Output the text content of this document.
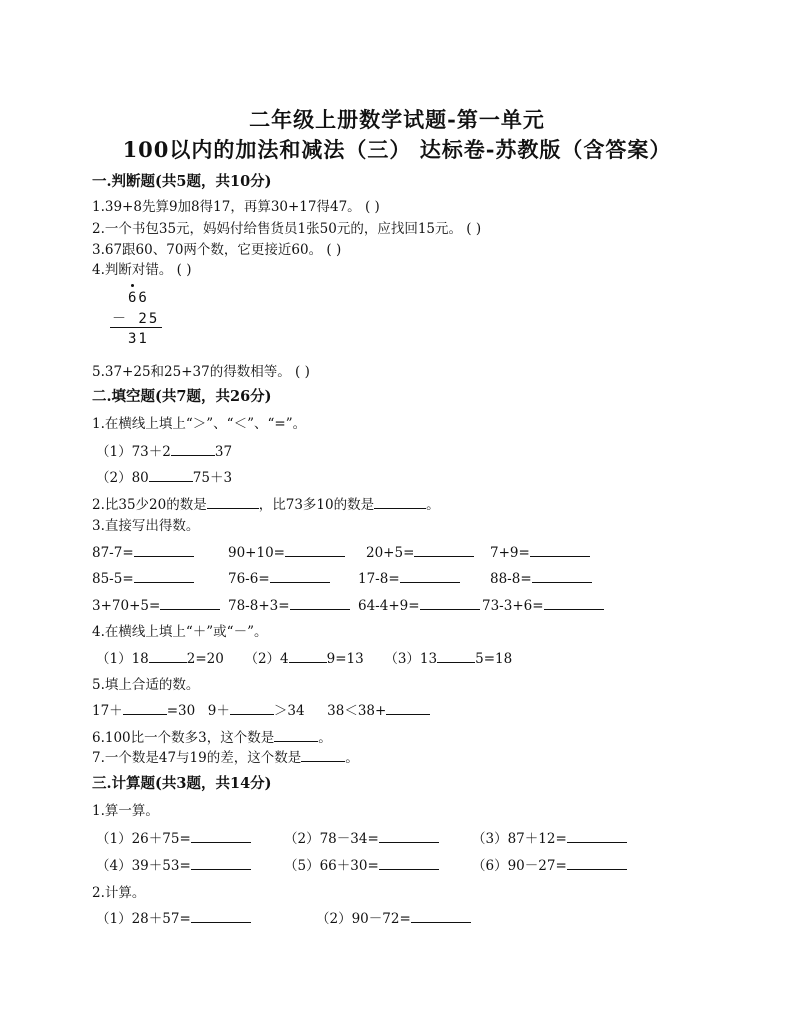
二年级上册数学试题-第一单元
100以内的加法和减法（三） 达标卷-苏教版（含答案）
一.判断题(共5题，共10分)
1.39+8先算9加8得17，再算30+17得47。 ( )
2.一个书包35元，妈妈付给售货员1张50元的，应找回15元。 ( )
3.67跟60、70两个数，它更接近60。 ( )
4.判断对错。 ( )
66
－ 25
31
5.37+25和25+37的得数相等。 ( )
二.填空题(共7题，共26分)
1.在横线上填上“＞”、“＜”、“=”。
（1）73＋2	37
（2）80	75＋3
2.比35少20的数是	，比73多10的数是	。
3.直接写出得数。
87-7=	90+10=	20+5=	7+9=
85-5=	76-6=	17-8=	88-8=
3+70+5=	78-8+3=	64-4+9=	73-3+6=
4.在横线上填上“＋”或“－”。
（1）18	2=20 （2）4	9=13 （3）13	5=18
5.填上合适的数。
17＋	=30 9＋	＞34 38＜38+
6.100比一个数多3，这个数是	。
7.一个数是47与19的差，这个数是	。
三.计算题(共3题，共14分)
1.算一算。
（1）26＋75=	（2）78－34=	（3）87＋12=
（4）39＋53=	（5）66＋30=	（6）90－27=
2.计算。
（1）28＋57=	（2）90－72=
